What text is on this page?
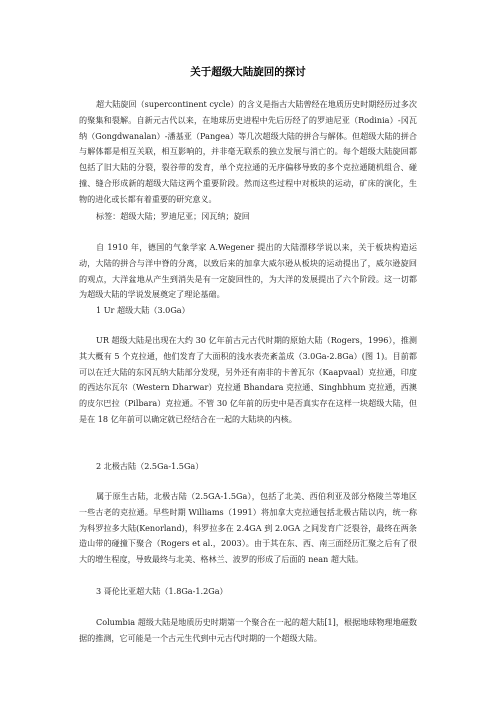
关于超级大陆旋回的探讨

超大陆旋回（supercontinent cycle）的含义是指古大陆曾经在地质历史时期经历过多次的聚集和裂解。自新元古代以来，在地球历史进程中先后历经了的罗迪尼亚（Rodinia）-冈瓦纳（Gongdwanalan）-潘基亚（Pangea）等几次超级大陆的拼合与解体。但超级大陆的拼合与解体都是相互关联，相互影响的，并非毫无联系的独立发展与消亡的。每个超级大陆旋回都包括了旧大陆的分裂，裂谷带的发育，单个克拉通的无序偏移导致的多个克拉通随机组合、碰撞、缝合形成新的超级大陆这两个重要阶段。然而这些过程中对板块的运动，矿床的演化，生物的进化或长都有着重要的研究意义。

标签：超级大陆；罗迪尼亚；冈瓦纳；旋回

自 1910 年，德国的气象学家 A.Wegener 提出的大陆漂移学说以来，关于板块构造运动，大陆的拼合与洋中脊的分离，以致后来的加拿大威尔逊从板块的运动提出了，威尔逊旋回的观点，大洋盆地从产生到消失是有一定旋回性的，为大洋的发展提出了六个阶段。这一切都为超级大陆的学说发展奠定了理论基础。

1 Ur 超级大陆（3.0Ga）

UR 超级大陆是出现在大约 30 亿年前古元古代时期的原始大陆（Rogers，1996），推测其大概有 5 个克拉通，他们发育了大面积的浅水表壳紊盖成（3.0Ga-2.8Ga）(图 1)。目前都可以在迁大陆的东冈瓦纳大陆部分发现，另外还有南非的卡普瓦尔（Kaapvaal）克拉通，印度的西达尔瓦尔（Western Dharwar）克拉通 Bhandara 克拉通、Singhbhum 克拉通，西澳的皮尔巴拉（Pilbara）克拉通。不管 30 亿年前的历史中是否真实存在这样一块超级大陆，但是在 18 亿年前可以确定就已经结合在一起的大陆块的内核。

2 北极古陆（2.5Ga-1.5Ga）

属于原生古陆，北极古陆（2.5GA-1.5Ga），包括了北美、西伯利亚及部分格陵兰等地区一些古老的克拉通。早些时期 Williams（1991）将加拿大克拉通包括北极古陆以内，统一称为科罗拉多大陆(Kenorland)，科罗拉多在 2.4GA 到 2.0GA 之间发育广泛裂谷，最终在两条造山带的碰撞下聚合（Rogers et al.，2003）。由于其在东、西、南三面经历汇聚之后有了很大的增生程度，导致最终与北美、格林兰、波罗的形成了后面的 nean 超大陆。

3 哥伦比亚超大陆（1.8Ga-1.2Ga）

Columbia 超级大陆是地质历史时期第一个聚合在一起的超大陆[1]，根据地球物理地磁数据的推测，它可能是一个古元生代到中元古代时期的一个超级大陆。
